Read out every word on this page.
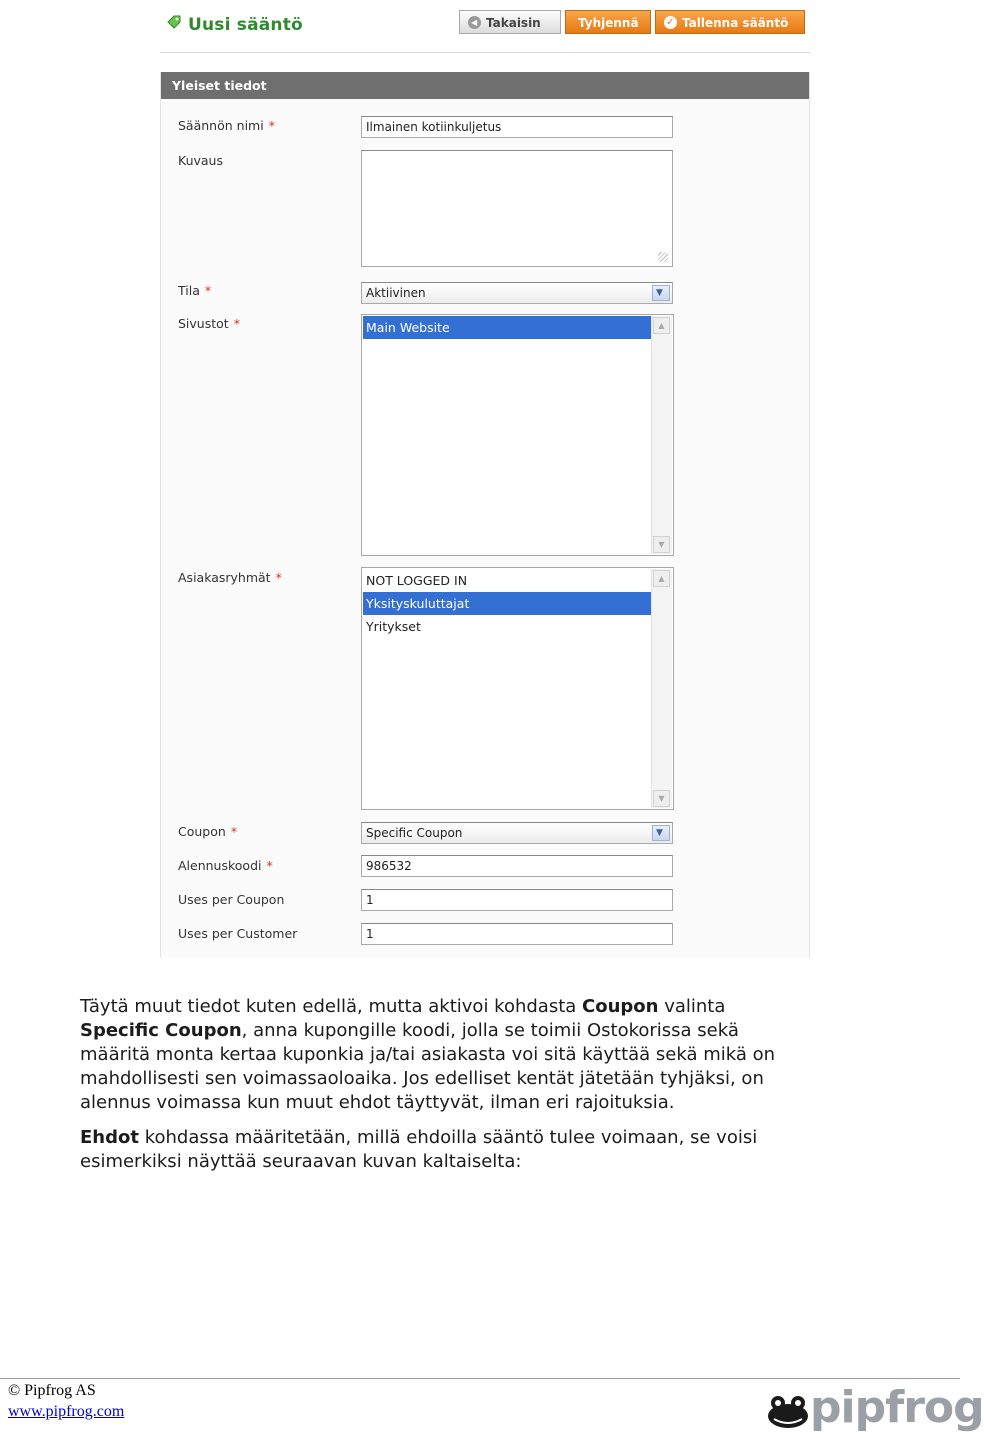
Uusi sääntö ◀	Takaisin	Tyhjennä ✓	Tallenna sääntö
Yleiset tiedot
Säännön nimi *	Ilmainen kotiinkuljetus
Kuvaus
Tila *	Aktiivinen
▼
Sivustot *	Main Website	▲
▼
Asiakasryhmät *	NOT LOGGED IN
Yksityskuluttajat
Yritykset
▲
▼
Coupon *	Specific Coupon
▼
Alennuskoodi *	986532
Uses per Coupon	1
Uses per Customer	1
Täytä muut tiedot kuten edellä, mutta aktivoi kohdasta Coupon valinta
Specific Coupon, anna kupongille koodi, jolla se toimii Ostokorissa sekä
määritä monta kertaa kuponkia ja/tai asiakasta voi sitä käyttää sekä mikä on
mahdollisesti sen voimassaoloaika. Jos edelliset kentät jätetään tyhjäksi, on
alennus voimassa kun muut ehdot täyttyvät, ilman eri rajoituksia.
Ehdot kohdassa määritetään, millä ehdoilla sääntö tulee voimaan, se voisi
esimerkiksi näyttää seuraavan kuvan kaltaiselta:
© Pipfrog AS
www.pipfrog.com	pipfrog
